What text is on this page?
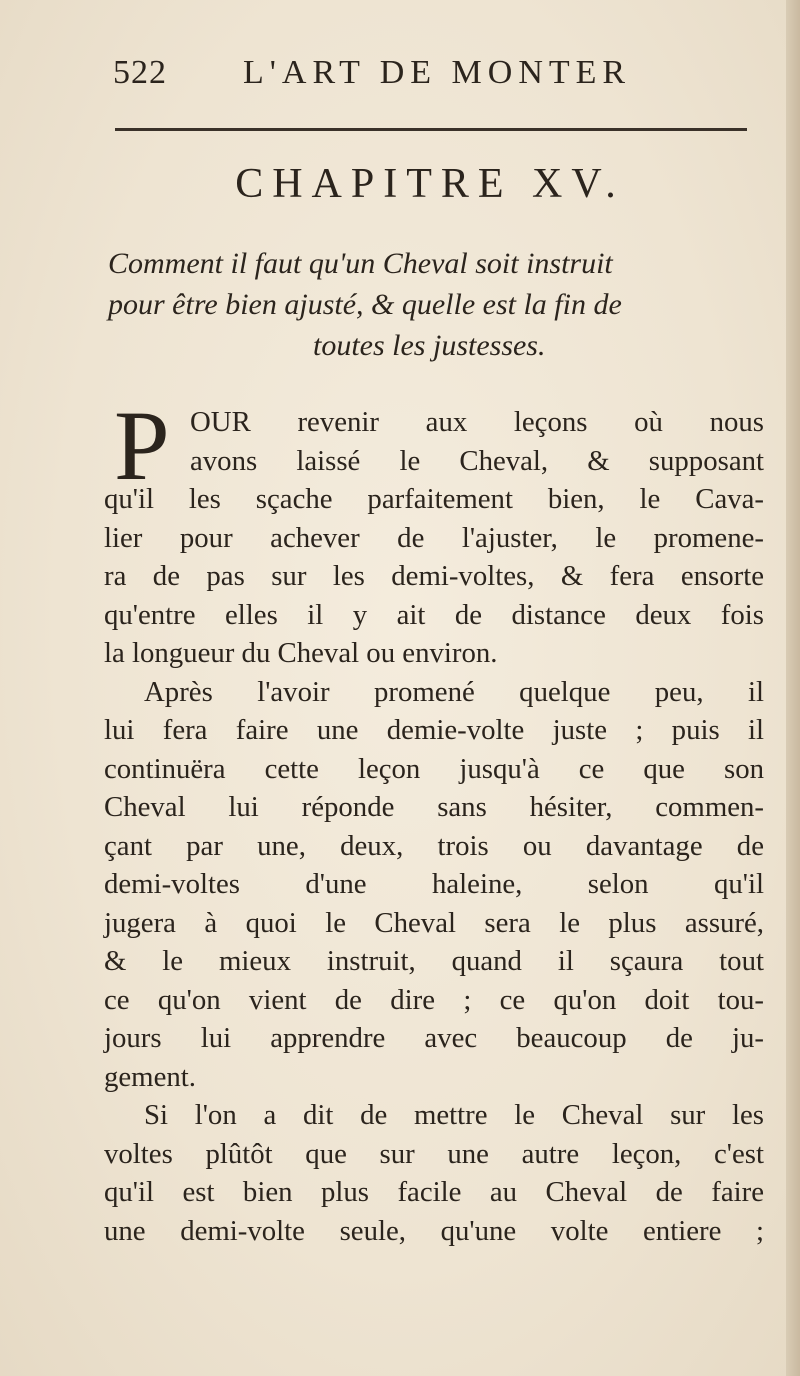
522 L'ART DE MONTER
CHAPITRE XV.
Comment il faut qu'un Cheval soit instruit
pour être bien ajusté, & quelle est la fin de
toutes les justesses.
P OUR revenir aux leçons où nous
avons laissé le Cheval, & supposant
qu'il les sçache parfaitement bien, le Cava-
lier pour achever de l'ajuster, le promene-
ra de pas sur les demi-voltes, & fera ensorte
qu'entre elles il y ait de distance deux fois
la longueur du Cheval ou environ.
Après l'avoir promené quelque peu, il
lui fera faire une demie-volte juste ; puis il
continuëra cette leçon jusqu'à ce que son
Cheval lui réponde sans hésiter, commen-
çant par une, deux, trois ou davantage de
demi-voltes d'une haleine, selon qu'il
jugera à quoi le Cheval sera le plus assuré,
& le mieux instruit, quand il sçaura tout
ce qu'on vient de dire ; ce qu'on doit tou-
jours lui apprendre avec beaucoup de ju-
gement.
Si l'on a dit de mettre le Cheval sur les
voltes plûtôt que sur une autre leçon, c'est
qu'il est bien plus facile au Cheval de faire
une demi-volte seule, qu'une volte entiere ;
